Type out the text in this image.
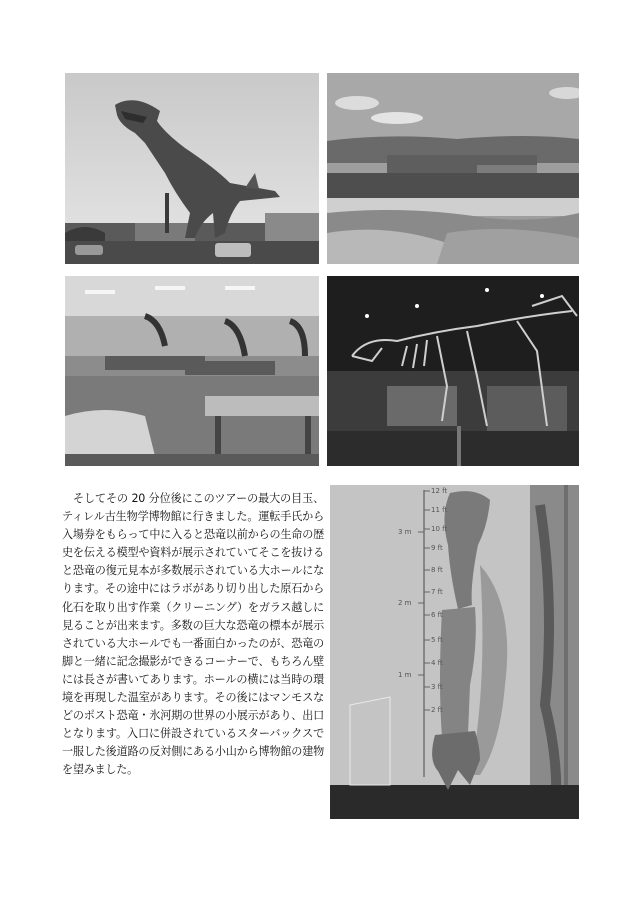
12 ft
11 ft
10 ft
9 ft
8 ft
7 ft
6 ft
5 ft
4 ft
3 ft
2 ft
3 m
2 m
1 m

　そしてその 20 分位後にこのツアーの最大の目玉、ティレル古生物学博物館に行きました。運転手氏から入場券をもらって中に入ると恐竜以前からの生命の歴史を伝える模型や資料が展示されていてそこを抜けると恐竜の復元見本が多数展示されている大ホールになります。その途中にはラボがあり切り出した原石から化石を取り出す作業（クリーニング）をガラス越しに見ることが出来ます。多数の巨大な恐竜の標本が展示されている大ホールでも一番面白かったのが、恐竜の脚と一緒に記念撮影ができるコーナーで、もちろん壁には長さが書いてあります。ホールの横には当時の環境を再現した温室があります。その後にはマンモスなどのポスト恐竜・氷河期の世界の小展示があり、出口となります。入口に併設されているスターバックスで一服した後道路の反対側にある小山から博物館の建物を望みました。
